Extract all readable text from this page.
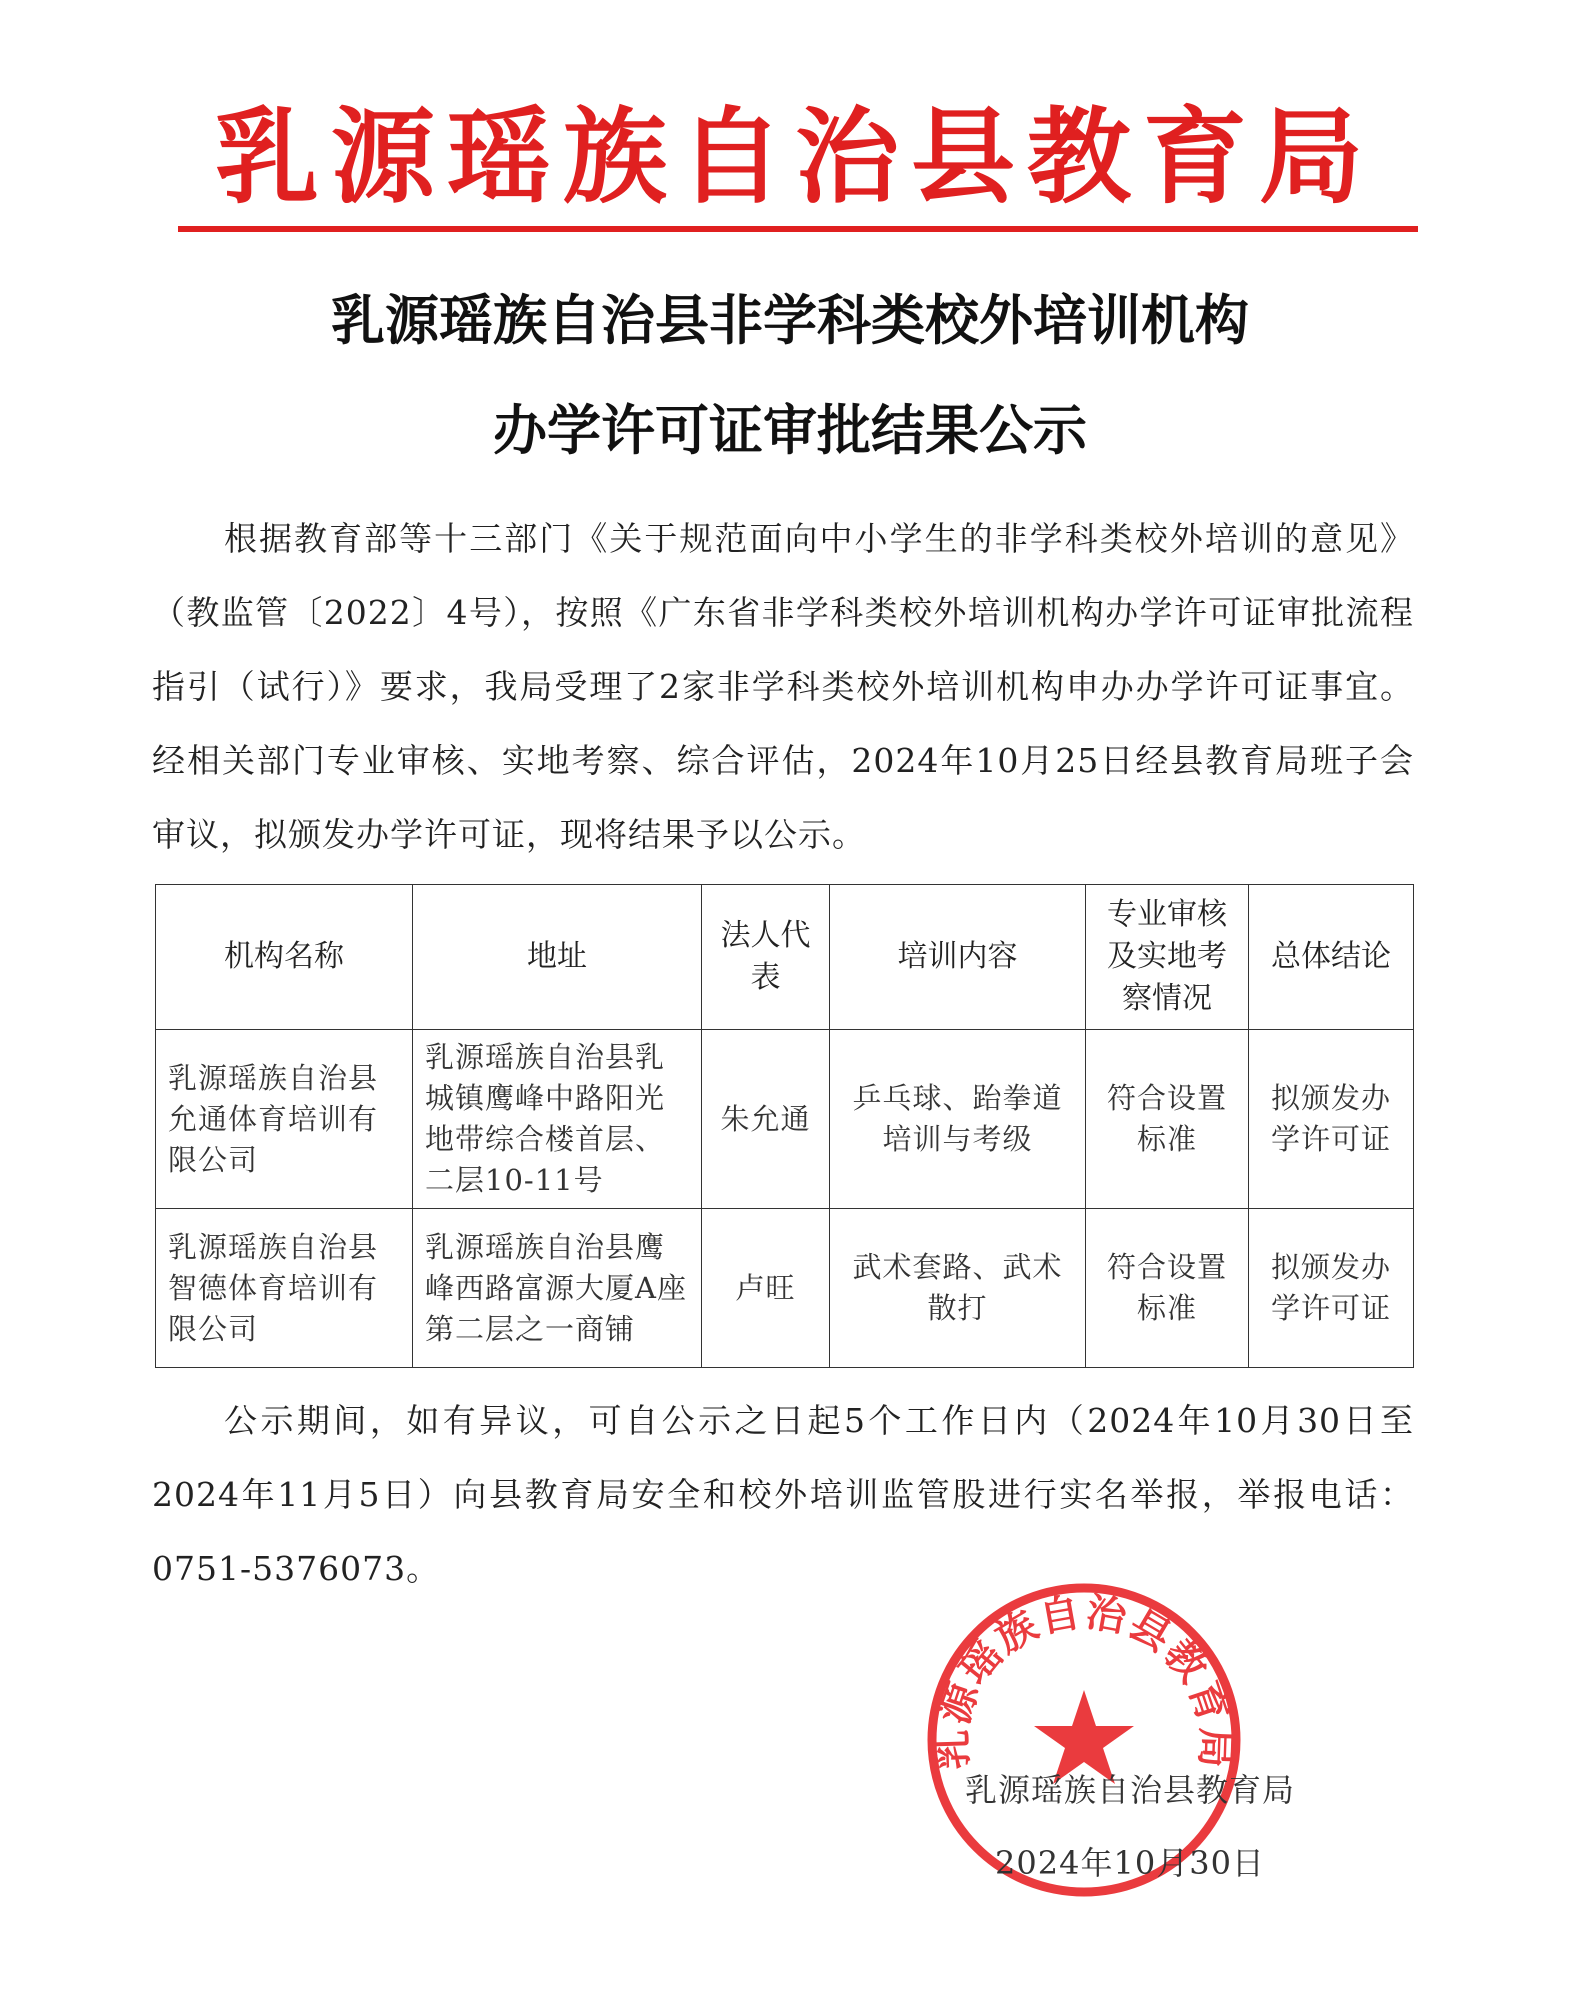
乳源瑶族自治县教育局
乳源瑶族自治县非学科类校外培训机构
办学许可证审批结果公示
根据教育部等十三部门《关于规范面向中小学生的非学科类校外培训的意见》（教监管〔2022〕4号），按照《广东省非学科类校外培训机构办学许可证审批流程指引（试行）》要求，我局受理了2家非学科类校外培训机构申办办学许可证事宜。经相关部门专业审核、实地考察、综合评估，2024年10月25日经县教育局班子会审议，拟颁发办学许可证，现将结果予以公示。
机构名称	地址	法人代表	培训内容	专业审核及实地考察情况	总体结论
乳源瑶族自治县允通体育培训有限公司	乳源瑶族自治县乳城镇鹰峰中路阳光地带综合楼首层、二层10-11号	朱允通	乒乓球、跆拳道培训与考级	符合设置标准	拟颁发办学许可证
乳源瑶族自治县智德体育培训有限公司	乳源瑶族自治县鹰峰西路富源大厦A座第二层之一商铺	卢旺	武术套路、武术散打	符合设置标准	拟颁发办学许可证
公示期间，如有异议，可自公示之日起5个工作日内（2024年10月30日至2024年11月5日）向县教育局安全和校外培训监管股进行实名举报，举报电话：0751-5376073。
乳源瑶族自治县教育局
乳源瑶族自治县教育局
2024年10月30日
